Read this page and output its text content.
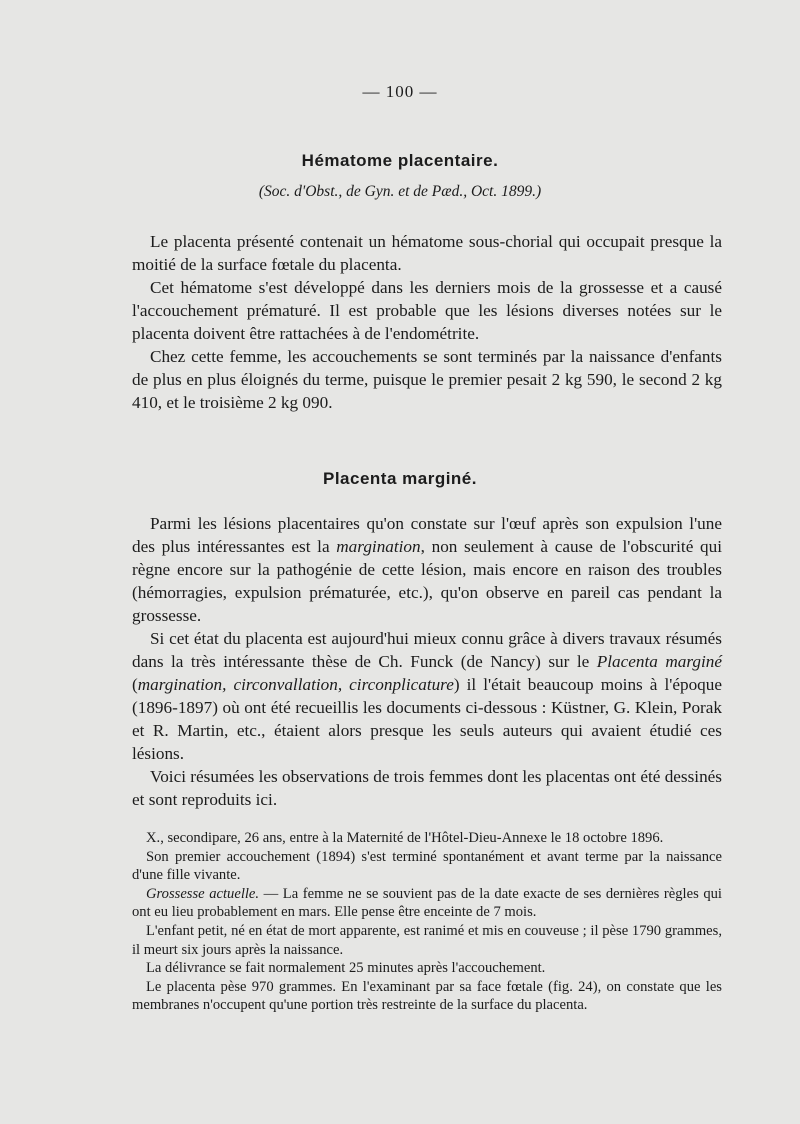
— 100 —
Hématome placentaire.
(Soc. d'Obst., de Gyn. et de Pæd., Oct. 1899.)

Le placenta présenté contenait un hématome sous-chorial qui occupait presque la moitié de la surface fœtale du placenta.

Cet hématome s'est développé dans les derniers mois de la grossesse et a causé l'accouchement prématuré. Il est probable que les lésions diverses notées sur le placenta doivent être rattachées à de l'endométrite.

Chez cette femme, les accouchements se sont terminés par la naissance d'enfants de plus en plus éloignés du terme, puisque le premier pesait 2 kg 590, le second 2 kg 410, et le troisième 2 kg 090.

Placenta marginé.

Parmi les lésions placentaires qu'on constate sur l'œuf après son expulsion l'une des plus intéressantes est la margination, non seulement à cause de l'obscurité qui règne encore sur la pathogénie de cette lésion, mais encore en raison des troubles (hémorragies, expulsion prématurée, etc.), qu'on observe en pareil cas pendant la grossesse.

Si cet état du placenta est aujourd'hui mieux connu grâce à divers travaux résumés dans la très intéressante thèse de Ch. Funck (de Nancy) sur le Placenta marginé (margination, circonvallation, circonplicature) il l'était beaucoup moins à l'époque (1896-1897) où ont été recueillis les documents ci-dessous : Küstner, G. Klein, Porak et R. Martin, etc., étaient alors presque les seuls auteurs qui avaient étudié ces lésions.

Voici résumées les observations de trois femmes dont les placentas ont été dessinés et sont reproduits ici.

X., secondipare, 26 ans, entre à la Maternité de l'Hôtel-Dieu-Annexe le 18 octobre 1896.

Son premier accouchement (1894) s'est terminé spontanément et avant terme par la naissance d'une fille vivante.

Grossesse actuelle. — La femme ne se souvient pas de la date exacte de ses dernières règles qui ont eu lieu probablement en mars. Elle pense être enceinte de 7 mois.

L'enfant petit, né en état de mort apparente, est ranimé et mis en couveuse ; il pèse 1790 grammes, il meurt six jours après la naissance.

La délivrance se fait normalement 25 minutes après l'accouchement.

Le placenta pèse 970 grammes. En l'examinant par sa face fœtale (fig. 24), on constate que les membranes n'occupent qu'une portion très restreinte de la surface du placenta.
